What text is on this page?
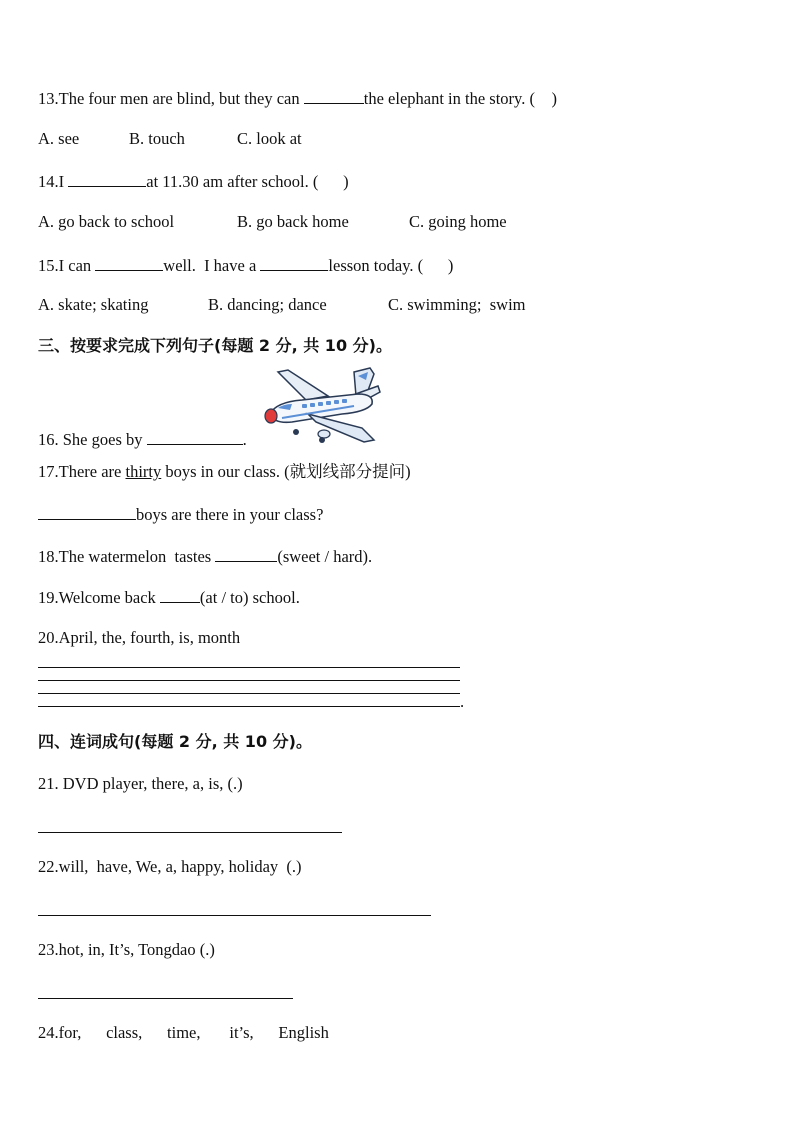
13.The four men are blind, but they can	the elephant in the story. (    )
A. see	B. touch	C. look at
14.I	at 11.30 am after school. (      )
A. go back to school	B. go back home	C. going home
15.I can	well.  I have a	lesson today. (      )
A. skate; skating	B. dancing; dance	C. swimming;  swim
三、按要求完成下列句子(每题 2 分, 共 10 分)。
16. She goes by	.
17.There are thirty boys in our class. (就划线部分提问)
boys are there in your class?
18.The watermelon  tastes	(sweet / hard).
19.Welcome back (at / to) school.
20.April, the, fourth, is, month
.
四、连词成句(每题 2 分, 共 10 分)。
21. DVD player, there, a, is, (.)
22.will,  have, We, a, happy, holiday  (.)
23.hot, in, It’s, Tongdao (.)
24.for,      class,      time,       it’s,      English
